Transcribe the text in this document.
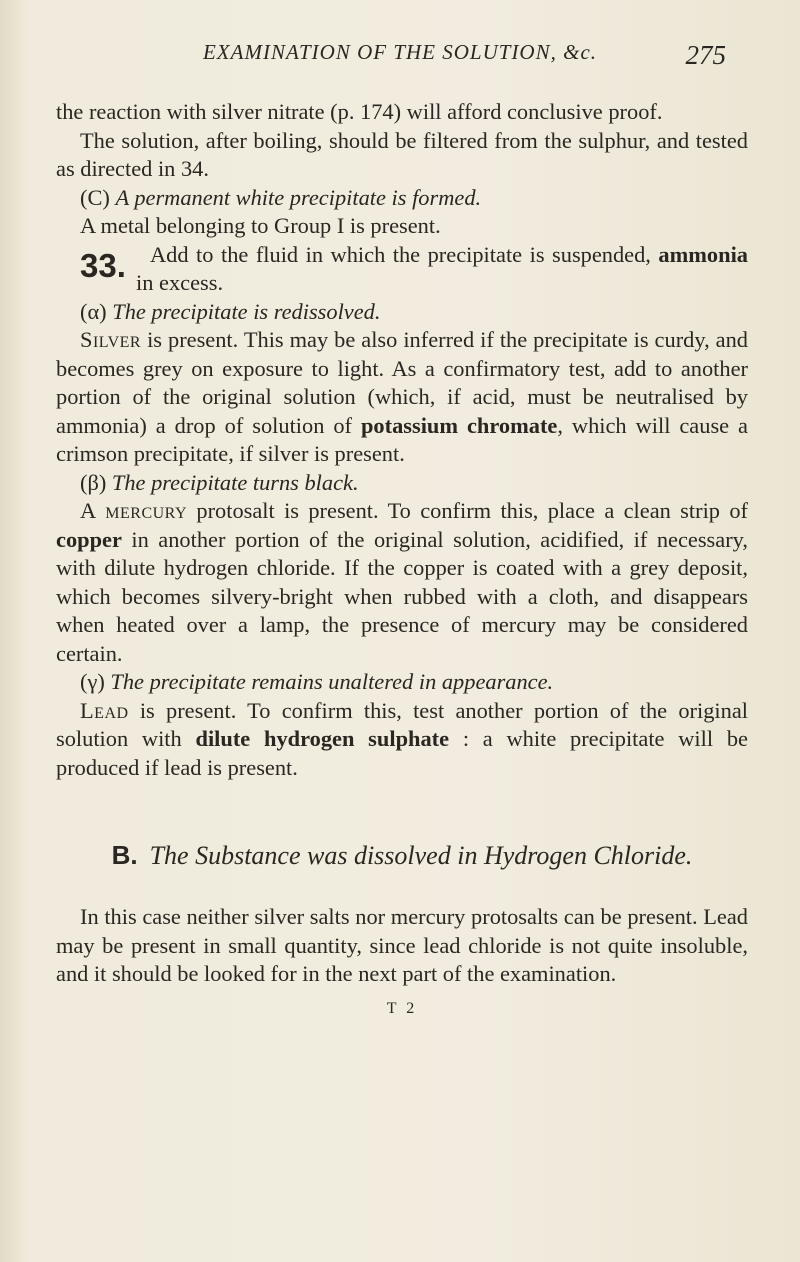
EXAMINATION OF THE SOLUTION, &c.	275

the reaction with silver nitrate (p. 174) will afford conclusive proof.

The solution, after boiling, should be filtered from the sulphur, and tested as directed in 34.

(C) A permanent white precipitate is formed.

A metal belonging to Group I is present.

33.	Add to the fluid in which the precipitate is suspended, ammonia in excess.

(α) The precipitate is redissolved.

Silver is present. This may be also inferred if the precipitate is curdy, and becomes grey on exposure to light. As a confirmatory test, add to another portion of the original solution (which, if acid, must be neutralised by ammonia) a drop of solution of potassium chromate, which will cause a crimson precipitate, if silver is present.

(β) The precipitate turns black.

A mercury protosalt is present. To confirm this, place a clean strip of copper in another portion of the original solution, acidified, if necessary, with dilute hydrogen chloride. If the copper is coated with a grey deposit, which becomes silvery-bright when rubbed with a cloth, and disappears when heated over a lamp, the presence of mercury may be considered certain.

(γ) The precipitate remains unaltered in appearance.

Lead is present. To confirm this, test another portion of the original solution with dilute hydrogen sulphate : a white precipitate will be produced if lead is present.

B. The Substance was dissolved in Hydrogen Chloride.

In this case neither silver salts nor mercury protosalts can be present. Lead may be present in small quantity, since lead chloride is not quite insoluble, and it should be looked for in the next part of the examination.

T 2
